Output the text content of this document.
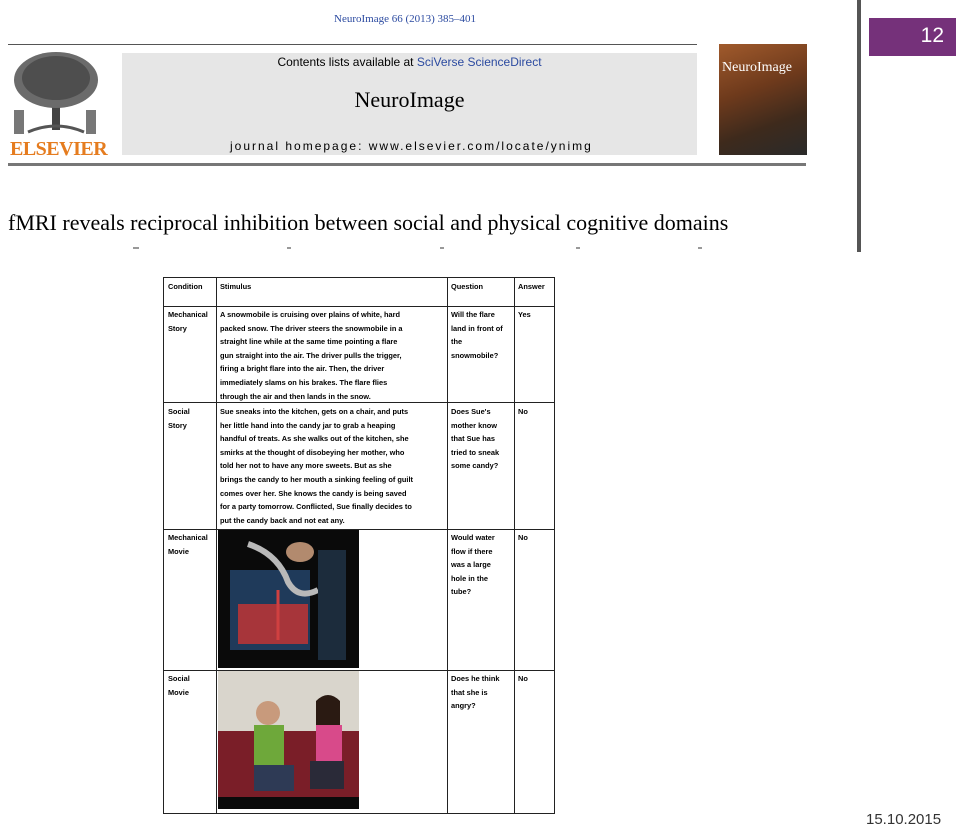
NeuroImage 66 (2013) 385–401
ELSEVIER
Contents lists available at SciVerse ScienceDirect
NeuroImage
journal homepage: www.elsevier.com/locate/ynimg
NeuroImage
fMRI reveals reciprocal inhibition between social and physical cognitive domains
12
Condition Stimulus	Question	Answer
Mechanical
Story
A snowmobile is cruising over plains of white, hard
packed snow. The driver steers the snowmobile in a
straight line while at the same time pointing a flare
gun straight into the air. The driver pulls the trigger,
firing a bright flare into the air. Then, the driver
immediately slams on his brakes. The flare flies
through the air and then lands in the snow.
Will the flare
land in front of
the
snowmobile?
Yes
Social
Story
Sue sneaks into the kitchen, gets on a chair, and puts
her little hand into the candy jar to grab a heaping
handful of treats. As she walks out of the kitchen, she
smirks at the thought of disobeying her mother, who
told her not to have any more sweets. But as she
brings the candy to her mouth a sinking feeling of guilt
comes over her. She knows the candy is being saved
for a party tomorrow. Conflicted, Sue finally decides to
put the candy back and not eat any.
Does Sue's
mother know
that Sue has
tried to sneak
some candy?
No
Mechanical
Movie
Would water
flow if there
was a large
hole in the
tube?
No
Social
Movie
Does he think
that she is
angry?
No
15.10.2015
